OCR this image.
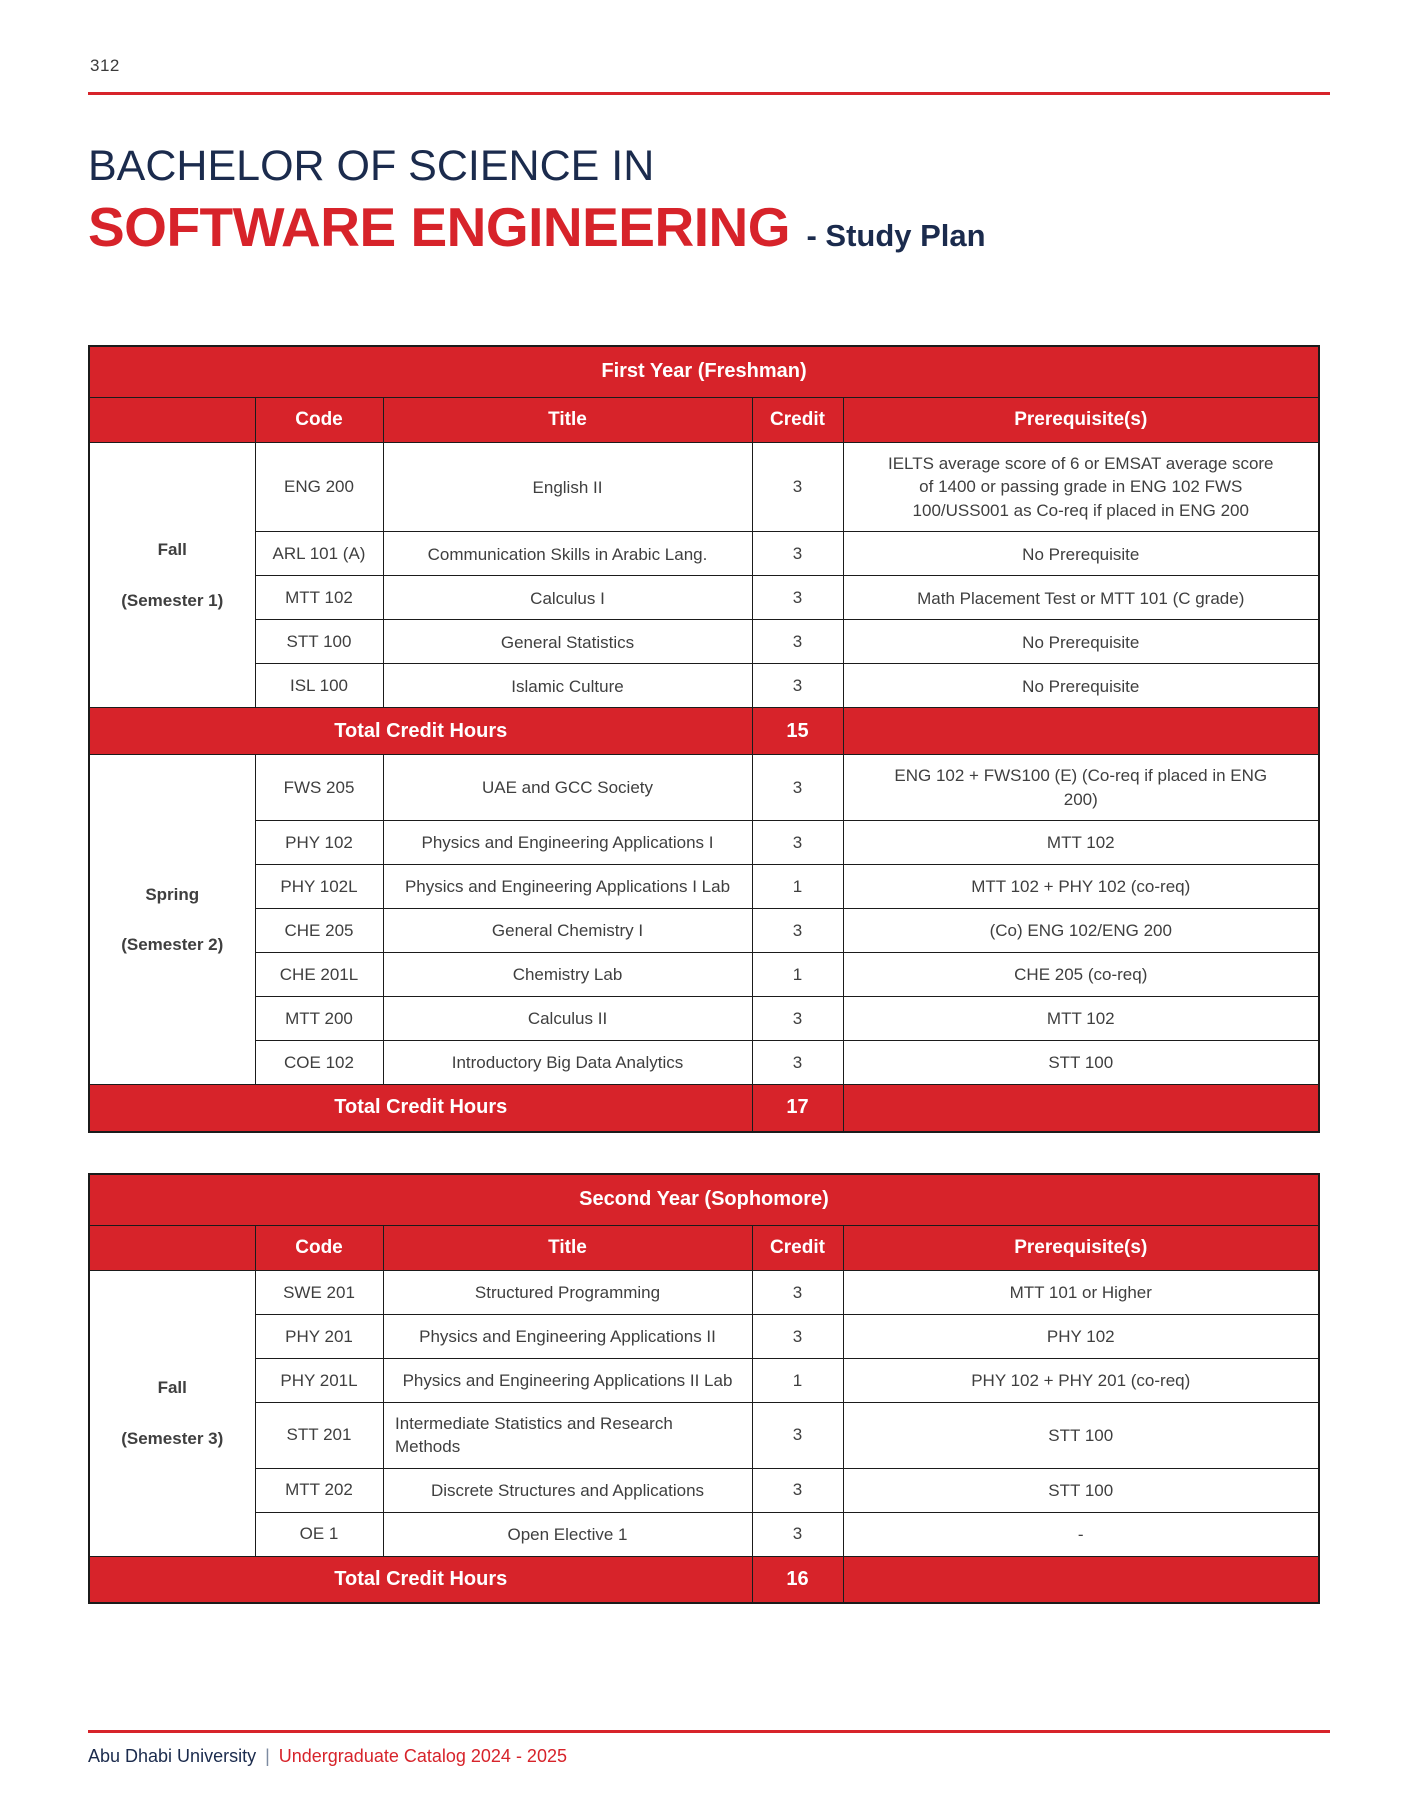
312
BACHELOR OF SCIENCE IN
SOFTWARE ENGINEERING - Study Plan
First Year (Freshman)				
	Code	Title	Credit	Prerequisite(s)

Fall
(Semester 1)	ENG 200	English II	3	IELTS average score of 6 or EMSAT average score of 1400 or passing grade in ENG 102 FWS 100/USS001 as Co-req if placed in ENG 200
	ARL 101 (A)	Communication Skills in Arabic Lang.	3	No Prerequisite
	MTT 102	Calculus I	3	Math Placement Test or MTT 101 (C grade)
	STT 100	General Statistics	3	No Prerequisite
	ISL 100	Islamic Culture	3	No Prerequisite
Total Credit Hours			15	

Spring
(Semester 2)	FWS 205	UAE and GCC Society	3	ENG 102 + FWS100 (E) (Co-req if placed in ENG 200)
	PHY 102	Physics and Engineering Applications I	3	MTT 102
	PHY 102L	Physics and Engineering Applications I Lab	1	MTT 102 + PHY 102 (co-req)
	CHE 205	General Chemistry I	3	(Co) ENG 102/ENG 200
	CHE 201L	Chemistry Lab	1	CHE 205 (co-req)
	MTT 200	Calculus II	3	MTT 102
	COE 102	Introductory Big Data Analytics	3	STT 100
Total Credit Hours			17	
Second Year (Sophomore)				
	Code	Title	Credit	Prerequisite(s)

Fall
(Semester 3)	SWE 201	Structured Programming	3	MTT 101 or Higher
	PHY 201	Physics and Engineering Applications II	3	PHY 102
	PHY 201L	Physics and Engineering Applications II Lab	1	PHY 102 + PHY 201 (co-req)
	STT 201	Intermediate Statistics and Research Methods	3	STT 100
	MTT 202	Discrete Structures and Applications	3	STT 100
	OE 1	Open Elective 1	3	-
Total Credit Hours			16	
Abu Dhabi University | Undergraduate Catalog 2024 - 2025
